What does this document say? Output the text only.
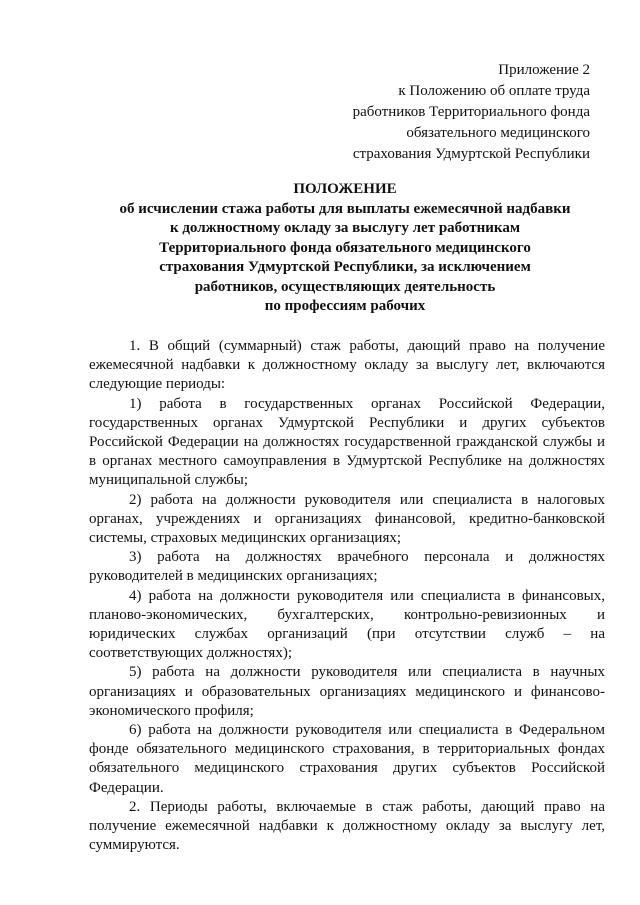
Приложение 2
к Положению об оплате труда
работников Территориального фонда
обязательного медицинского
страхования Удмуртской Республики
ПОЛОЖЕНИЕ
об исчислении стажа работы для выплаты ежемесячной надбавки
к должностному окладу за выслугу лет работникам
Территориального фонда обязательного медицинского
страхования Удмуртской Республики, за исключением
работников, осуществляющих деятельность
по профессиям рабочих

1. В общий (суммарный) стаж работы, дающий право на получение ежемесячной надбавки к должностному окладу за выслугу лет, включаются следующие периоды:

1) работа в государственных органах Российской Федерации, государственных органах Удмуртской Республики и других субъектов Российской Федерации на должностях государственной гражданской службы и в органах местного самоуправления в Удмуртской Республике на должностях муниципальной службы;

2) работа на должности руководителя или специалиста в налоговых органах, учреждениях и организациях финансовой, кредитно-банковской системы, страховых медицинских организациях;

3) работа на должностях врачебного персонала и должностях руководителей в медицинских организациях;

4) работа на должности руководителя или специалиста в финансовых, планово-экономических, бухгалтерских, контрольно-ревизионных и юридических службах организаций (при отсутствии служб – на соответствующих должностях);

5) работа на должности руководителя или специалиста в научных организациях и образовательных организациях медицинского и финансово-экономического профиля;

6) работа на должности руководителя или специалиста в Федеральном фонде обязательного медицинского страхования, в территориальных фондах обязательного медицинского страхования других субъектов Российской Федерации.

2. Периоды работы, включаемые в стаж работы, дающий право на получение ежемесячной надбавки к должностному окладу за выслугу лет, суммируются.
